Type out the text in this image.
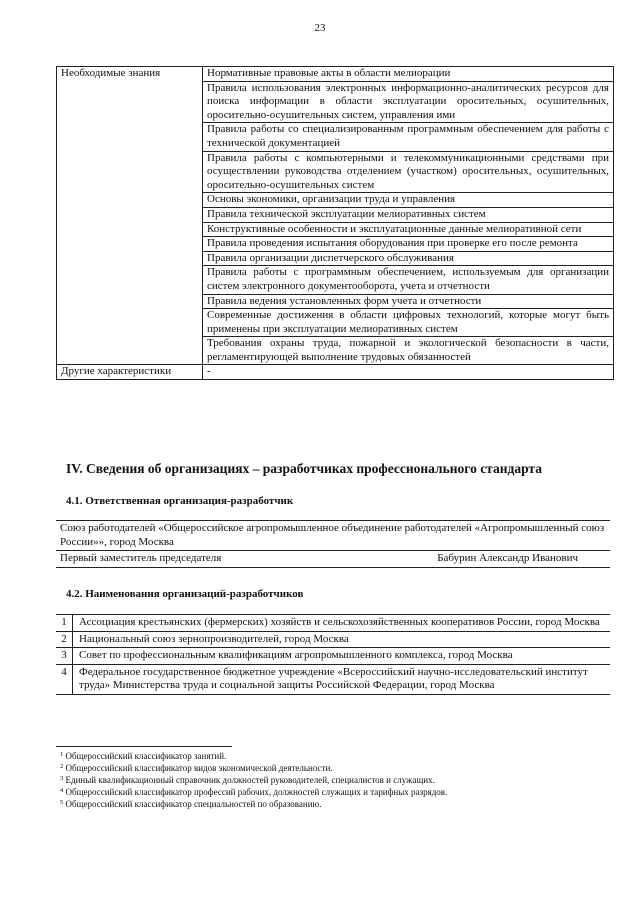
23
Необходимые знания	Нормативные правовые акты в области мелиорации
	Правила использования электронных информационно-аналитических ресурсов для поиска информации в области эксплуатации оросительных, осушительных, оросительно-осушительных систем, управления ими
	Правила работы со специализированным программным обеспечением для работы с технической документацией
	Правила работы с компьютерными и телекоммуникационными средствами при осуществлении руководства отделением (участком) оросительных, осушительных, оросительно-осушительных систем
	Основы экономики, организации труда и управления
	Правила технической эксплуатации мелиоративных систем
	Конструктивные особенности и эксплуатационные данные мелиоративной сети
	Правила проведения испытания оборудования при проверке его после ремонта
	Правила организации диспетчерского обслуживания
	Правила работы с программным обеспечением, используемым для организации систем электронного документооборота, учета и отчетности
	Правила ведения установленных форм учета и отчетности
	Современные достижения в области цифровых технологий, которые могут быть применены при эксплуатации мелиоративных систем
	Требования охраны труда, пожарной и экологической безопасности в части, регламентирующей выполнение трудовых обязанностей
Другие характеристики	-
IV. Сведения об организациях – разработчиках профессионального стандарта
4.1. Ответственная организация-разработчик
Союз работодателей «Общероссийское агропромышленное объединение работодателей «Агропромышленный союз России»», город Москва

Первый заместитель председателя	Бабурин Александр Иванович
4.2. Наименования организаций-разработчиков
1	Ассоциация крестьянских (фермерских) хозяйств и сельскохозяйственных кооперативов России, город Москва
2	Национальный союз зернопроизводителей, город Москва
3	Совет по профессиональным квалификациям агропромышленного комплекса, город Москва
4	Федеральное государственное бюджетное учреждение «Всероссийский научно-исследовательский институт труда» Министерства труда и социальной защиты Российской Федерации, город Москва
$^1$ Общероссийский классификатор занятий.
$^2$ Общероссийский классификатор видов экономической деятельности.
$^3$ Единый квалификационный справочник должностей руководителей, специалистов и служащих.
$^4$ Общероссийский классификатор профессий рабочих, должностей служащих и тарифных разрядов.
$^5$ Общероссийский классификатор специальностей по образованию.
